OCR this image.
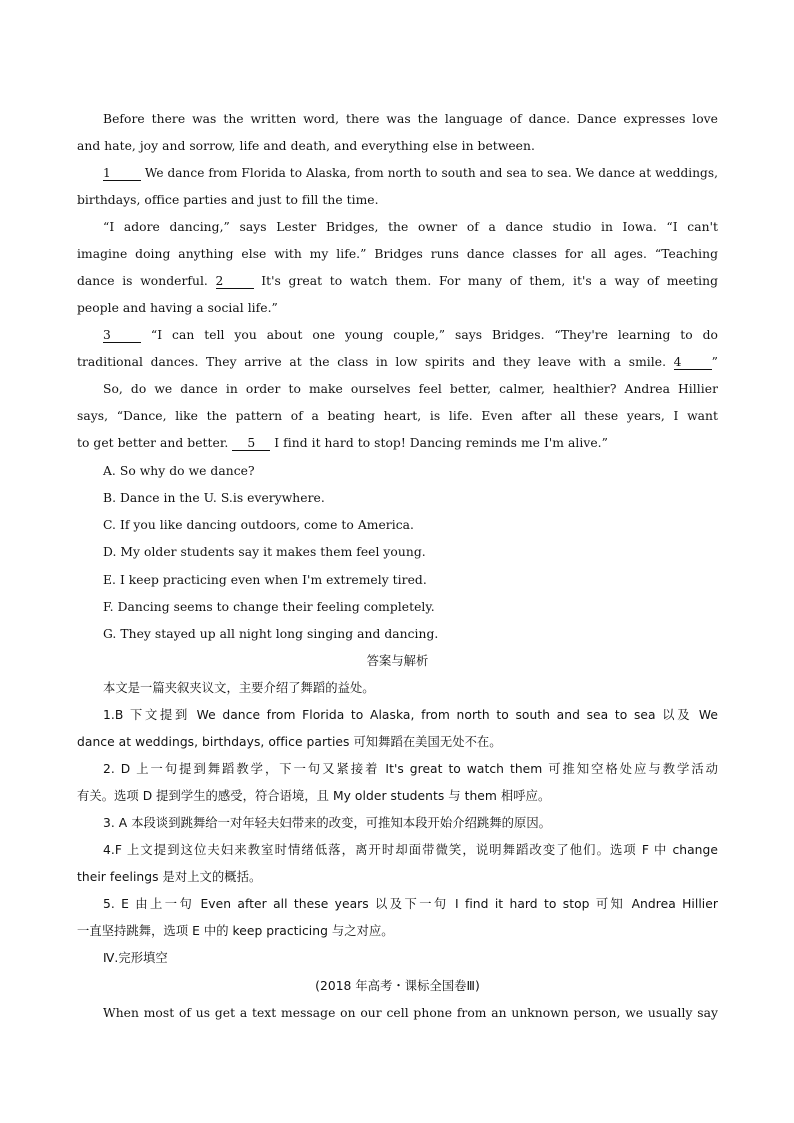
Before there was the written word, there was the language of dance. Dance expresses love
and hate, joy and sorrow, life and death, and everything else in between.
1	We dance from Florida to Alaska, from north to south and sea to sea. We dance at weddings,
birthdays, office parties and just to fill the time.
“I adore dancing,” says Lester Bridges, the owner of a dance studio in Iowa. “I can't
imagine doing anything else with my life.” Bridges runs dance classes for all ages. “Teaching
dance is wonderful. 2 It's great to watch them. For many of them, it's a way of meeting
people and having a social life.”
3 “I can tell you about one young couple,” says Bridges. “They're learning to do
traditional dances. They arrive at the class in low spirits and they leave with a smile. 4 ”
So, do we dance in order to make ourselves feel better, calmer, healthier? Andrea Hillier
says, “Dance, like the pattern of a beating heart, is life. Even after all these years, I want
to get better and better. 5 I find it hard to stop! Dancing reminds me I'm alive.”
A. So why do we dance?
B. Dance in the U. S.is everywhere.
C. If you like dancing outdoors, come to America.
D. My older students say it makes them feel young.
E. I keep practicing even when I'm extremely tired.
F. Dancing seems to change their feeling completely.
G. They stayed up all night long singing and dancing.
答案与解析
本文是一篇夹叙夹议文，主要介绍了舞蹈的益处。
1.B 下文提到 We dance from Florida to Alaska, from north to south and sea to sea 以及 We
dance at weddings, birthdays, office parties 可知舞蹈在美国无处不在。
2. D 上一句提到舞蹈教学，下一句又紧接着 It's great to watch them 可推知空格处应与教学活动
有关。选项 D 提到学生的感受，符合语境，且 My older students 与 them 相呼应。
3. A 本段谈到跳舞给一对年轻夫妇带来的改变，可推知本段开始介绍跳舞的原因。
4.F 上文提到这位夫妇来教室时情绪低落，离开时却面带微笑，说明舞蹈改变了他们。选项 F 中 change
their feelings 是对上文的概括。
5. E 由上一句 Even after all these years 以及下一句 I find it hard to stop 可知 Andrea Hillier
一直坚持跳舞，选项 E 中的 keep practicing 与之对应。
Ⅳ.完形填空
(2018 年高考・课标全国卷Ⅲ)
When most of us get a text message on our cell phone from an unknown person, we usually say
